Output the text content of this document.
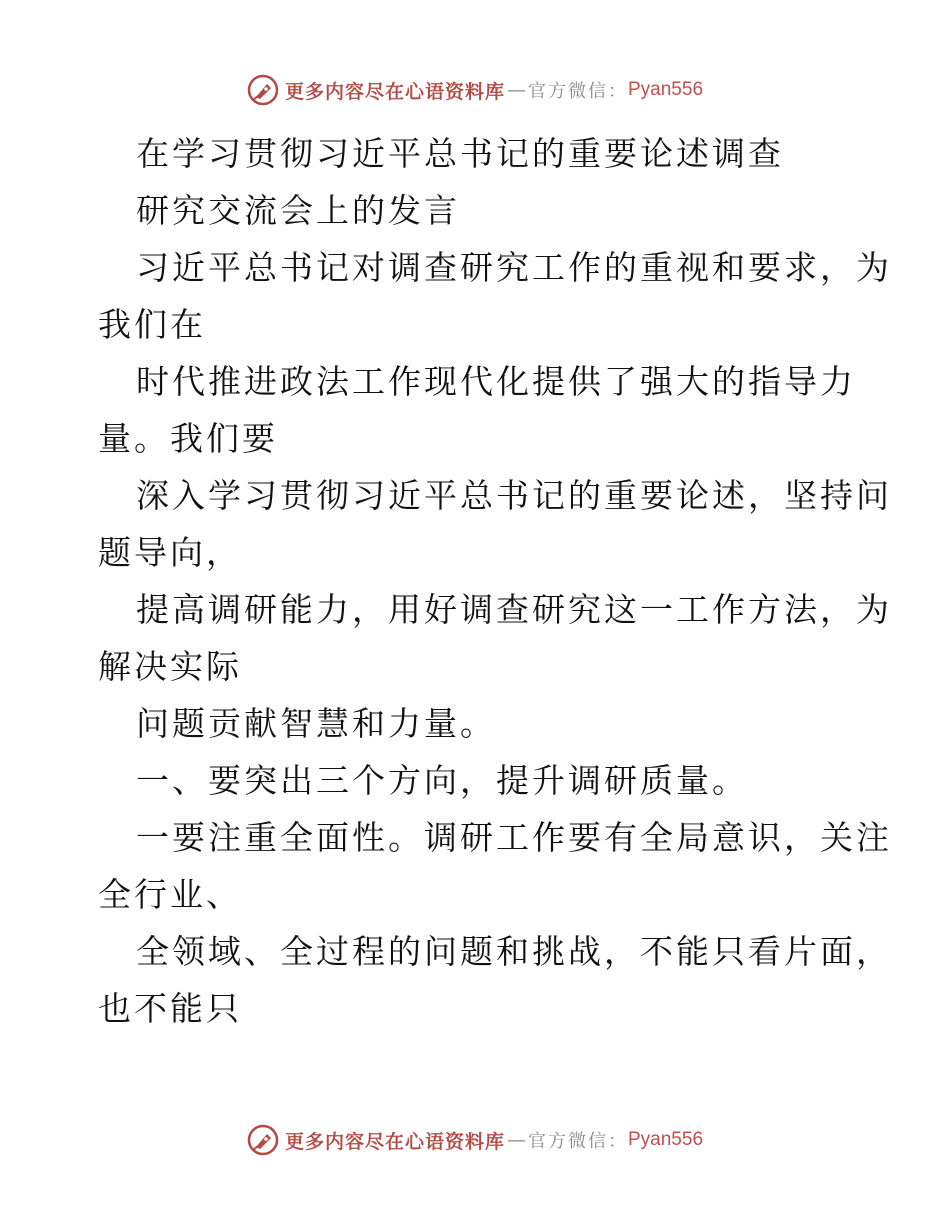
更多内容尽在心语资料库 — 官方微信： Pyan556

在学习贯彻习近平总书记的重要论述调查

研究交流会上的发言

习近平总书记对调查研究工作的重视和要求，为

我们在

时代推进政法工作现代化提供了强大的指导力

量。我们要

深入学习贯彻习近平总书记的重要论述，坚持问

题导向，

提高调研能力，用好调查研究这一工作方法，为

解决实际

问题贡献智慧和力量。

一、要突出三个方向，提升调研质量。

一要注重全面性。调研工作要有全局意识，关注

全行业、

全领域、全过程的问题和挑战，不能只看片面，

也不能只

更多内容尽在心语资料库 — 官方微信： Pyan556
